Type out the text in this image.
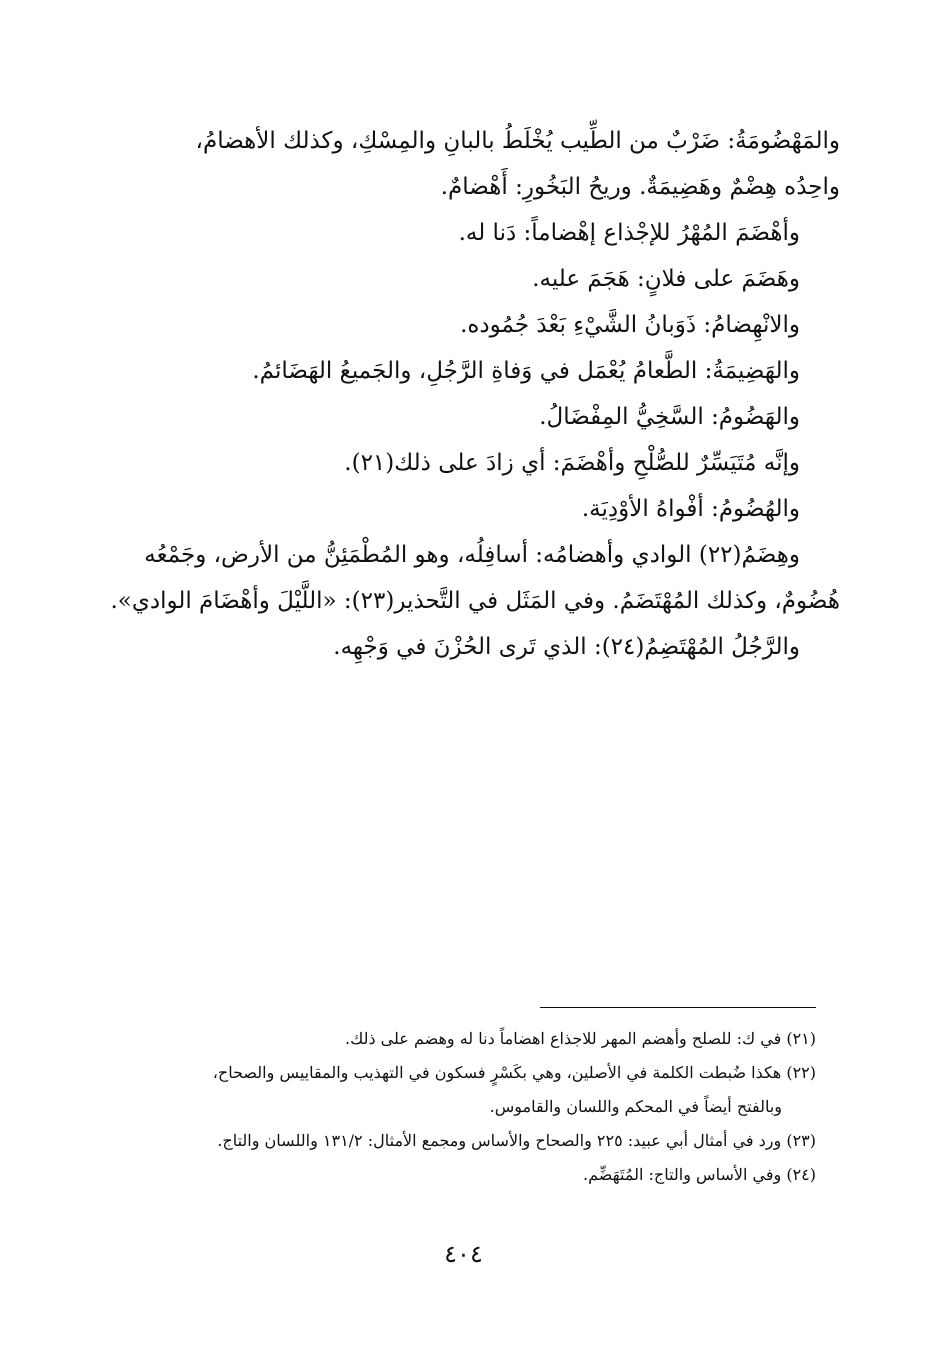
والمَهْضُومَةُ: ضَرْبٌ من الطِّيب يُخْلَطُ بالبانِ والمِسْكِ، وكذلك الأهضامُ،
واحِدُه هِضْمٌ وهَضِيمَةٌ. وريحُ البَخُورِ: أَهْضامٌ.
وأهْضَمَ المُهْرُ للإجْذاع إهْضاماً: دَنا له.
وهَضَمَ على فلانٍ: هَجَمَ عليه.
والانْهِضامُ: ذَوَبانُ الشَّيْءِ بَعْدَ جُمُوده.
والهَضِيمَةُ: الطَّعامُ يُعْمَل في وَفاةِ الرَّجُلِ، والجَميعُ الهَضَائمُ.
والهَضُومُ: السَّخِيُّ المِفْضَالُ.
وإنَّه مُتَيَسِّرٌ للصُّلْحِ وأهْضَمَ: أي زادَ على ذلك(٢١).
والهُضُومُ: أفْواهُ الأوْدِيَة.
وهِضَمُ(٢٢) الوادي وأهضامُه: أسافِلُه، وهو المُطْمَئِنُّ من الأرض، وجَمْعُه
هُضُومٌ، وكذلك المُهْتَضَمُ. وفي المَثَل في التَّحذير(٢٣): «اللَّيْلَ وأهْضَامَ الوادي».
والرَّجُلُ المُهْتَضِمُ(٢٤): الذي تَرى الحُزْنَ في وَجْهِه.
(٢١) في ك: للصلح وأهضم المهر للاجذاع اهضاماً دنا له وهضم على ذلك.
(٢٢) هكذا ضُبطت الكلمة في الأصلين، وهي بكَسْرٍ فسكون في التهذيب والمقاييس والصحاح،
وبالفتح أيضاً في المحكم واللسان والقاموس.
(٢٣) ورد في أمثال أبي عبيد: ٢٢٥ والصحاح والأساس ومجمع الأمثال: ١٣١/٢ واللسان والتاج.
(٢٤) وفي الأساس والتاج: المُتَهَضِّم.
٤٠٤
